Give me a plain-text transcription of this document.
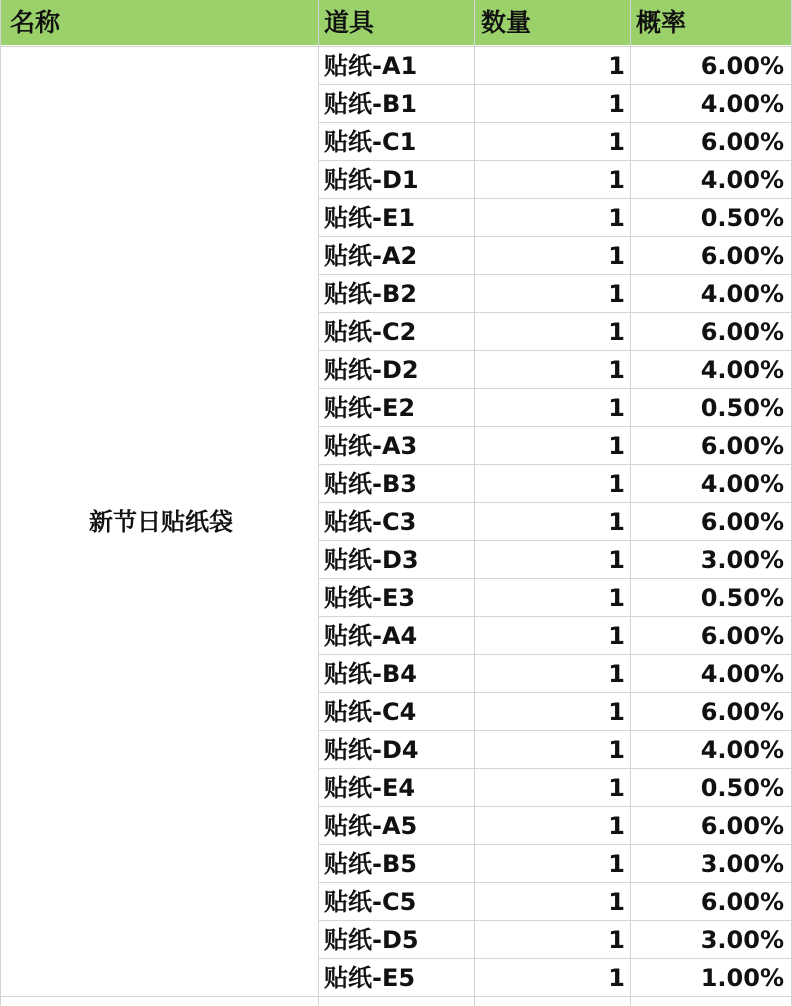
名称	道具	数量	概率
新节日贴纸袋
贴纸-A1	1	6.00%
贴纸-B1	1	4.00%
贴纸-C1	1	6.00%
贴纸-D1	1	4.00%
贴纸-E1	1	0.50%
贴纸-A2	1	6.00%
贴纸-B2	1	4.00%
贴纸-C2	1	6.00%
贴纸-D2	1	4.00%
贴纸-E2	1	0.50%
贴纸-A3	1	6.00%
贴纸-B3	1	4.00%
贴纸-C3	1	6.00%
贴纸-D3	1	3.00%
贴纸-E3	1	0.50%
贴纸-A4	1	6.00%
贴纸-B4	1	4.00%
贴纸-C4	1	6.00%
贴纸-D4	1	4.00%
贴纸-E4	1	0.50%
贴纸-A5	1	6.00%
贴纸-B5	1	3.00%
贴纸-C5	1	6.00%
贴纸-D5	1	3.00%
贴纸-E5	1	1.00%
